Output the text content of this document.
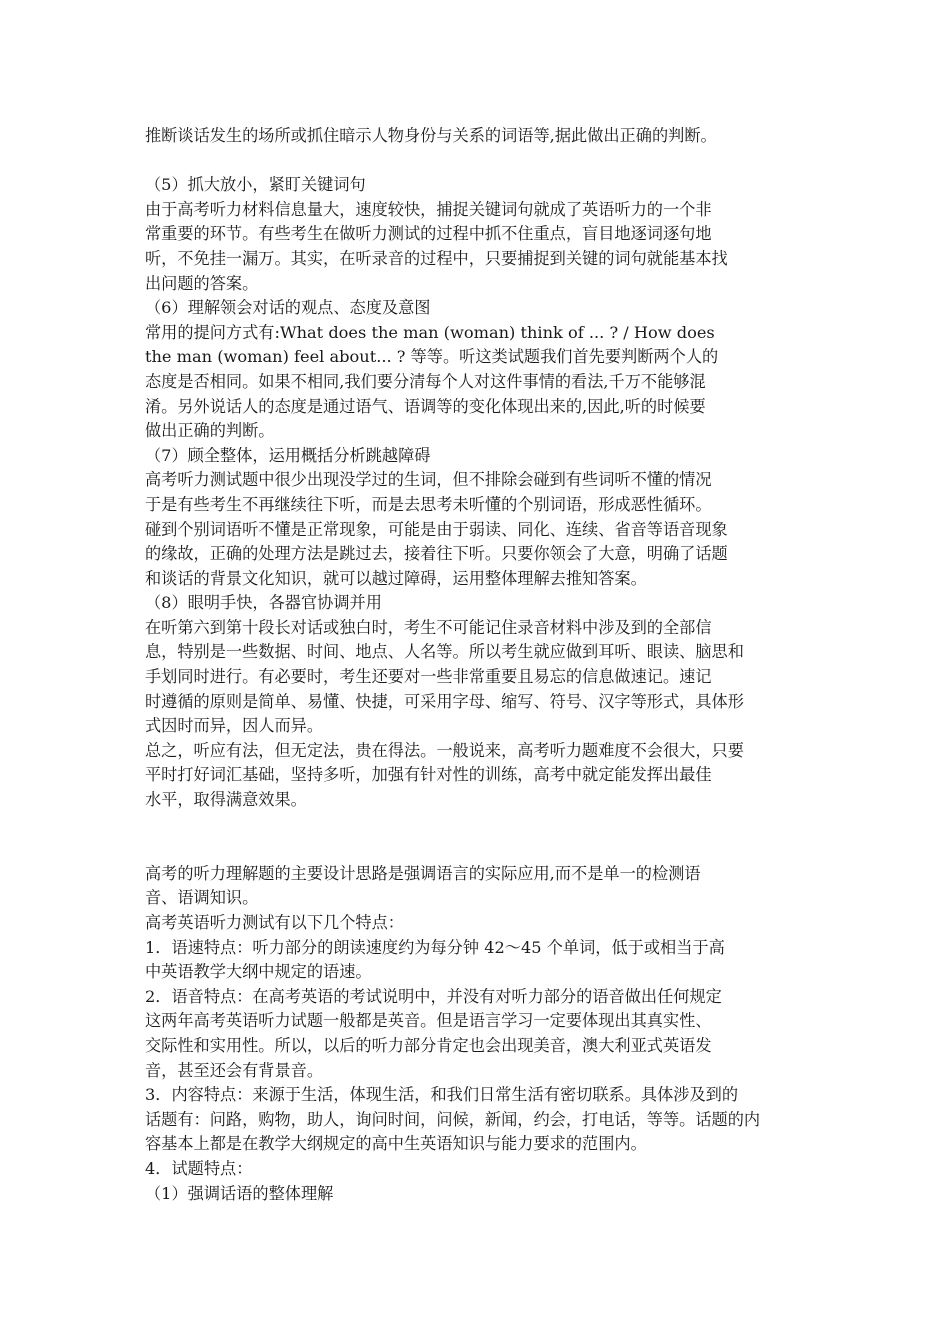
推断谈话发生的场所或抓住暗示人物身份与关系的词语等,据此做出正确的判断。
（5）抓大放小，紧盯关键词句
由于高考听力材料信息量大，速度较快，捕捉关键词句就成了英语听力的一个非
常重要的环节。有些考生在做听力测试的过程中抓不住重点，盲目地逐词逐句地
听，不免挂一漏万。其实，在听录音的过程中，只要捕捉到关键的词句就能基本找
出问题的答案。
（6）理解领会对话的观点、态度及意图
常用的提问方式有:What does the man (woman) think of ... ? / How does
the man (woman) feel about... ? 等等。听这类试题我们首先要判断两个人的
态度是否相同。如果不相同,我们要分清每个人对这件事情的看法,千万不能够混
淆。另外说话人的态度是通过语气、语调等的变化体现出来的,因此,听的时候要
做出正确的判断。
（7）顾全整体，运用概括分析跳越障碍
高考听力测试题中很少出现没学过的生词，但不排除会碰到有些词听不懂的情况
于是有些考生不再继续往下听，而是去思考未听懂的个别词语，形成恶性循环。
碰到个别词语听不懂是正常现象，可能是由于弱读、同化、连续、省音等语音现象
的缘故，正确的处理方法是跳过去，接着往下听。只要你领会了大意，明确了话题
和谈话的背景文化知识，就可以越过障碍，运用整体理解去推知答案。
（8）眼明手快，各器官协调并用
在听第六到第十段长对话或独白时，考生不可能记住录音材料中涉及到的全部信
息，特别是一些数据、时间、地点、人名等。所以考生就应做到耳听、眼读、脑思和
手划同时进行。有必要时，考生还要对一些非常重要且易忘的信息做速记。速记
时遵循的原则是简单、易懂、快捷，可采用字母、缩写、符号、汉字等形式，具体形
式因时而异，因人而异。
总之，听应有法，但无定法，贵在得法。一般说来，高考听力题难度不会很大，只要
平时打好词汇基础，坚持多听，加强有针对性的训练，高考中就定能发挥出最佳
水平，取得满意效果。
高考的听力理解题的主要设计思路是强调语言的实际应用,而不是单一的检测语
音、语调知识。
高考英语听力测试有以下几个特点：
1．语速特点：听力部分的朗读速度约为每分钟 42～45 个单词，低于或相当于高
中英语教学大纲中规定的语速。
2．语音特点：在高考英语的考试说明中，并没有对听力部分的语音做出任何规定
这两年高考英语听力试题一般都是英音。但是语言学习一定要体现出其真实性、
交际性和实用性。所以，以后的听力部分肯定也会出现美音，澳大利亚式英语发
音，甚至还会有背景音。
3．内容特点：来源于生活，体现生活，和我们日常生活有密切联系。具体涉及到的
话题有：问路，购物，助人，询问时间，问候，新闻，约会，打电话，等等。话题的内
容基本上都是在教学大纲规定的高中生英语知识与能力要求的范围内。
4．试题特点：
（1）强调话语的整体理解
